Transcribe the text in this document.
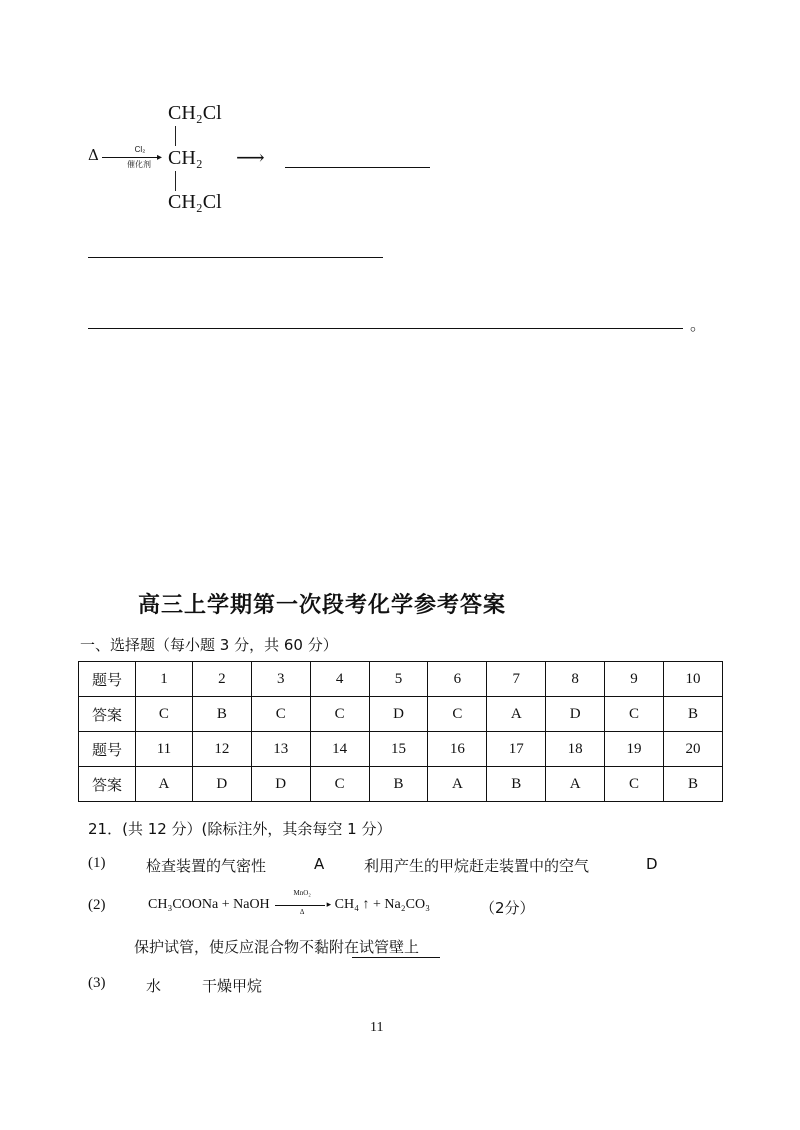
CH₂Cl
Δ	Cl₂
▸
催化剂 CH₂ ⟶
CH₂Cl
。
高三上学期第一次段考化学参考答案
一、选择题（每小题 3 分，共 60 分）
题号	1	2	3	4	5	6	7	8	9	10
答案	C	B	C	C	D	C	A	D	C	B
题号	11	12	13	14	15	16	17	18	19	20
答案	A	D	D	C	B	A	B	A	C	B
21．(共 12 分）(除标注外，其余每空 1 分）
(1)	检查装置的气密性	A	利用产生的甲烷赶走装置中的空气	D
(2)	CH₃COONa + NaOH
MnO₂
▸
Δ	CH₄ ↑ + Na₂CO₃	（2分）
保护试管，使反应混合物不黏附在试管壁上
(3)	水	干燥甲烷
11
